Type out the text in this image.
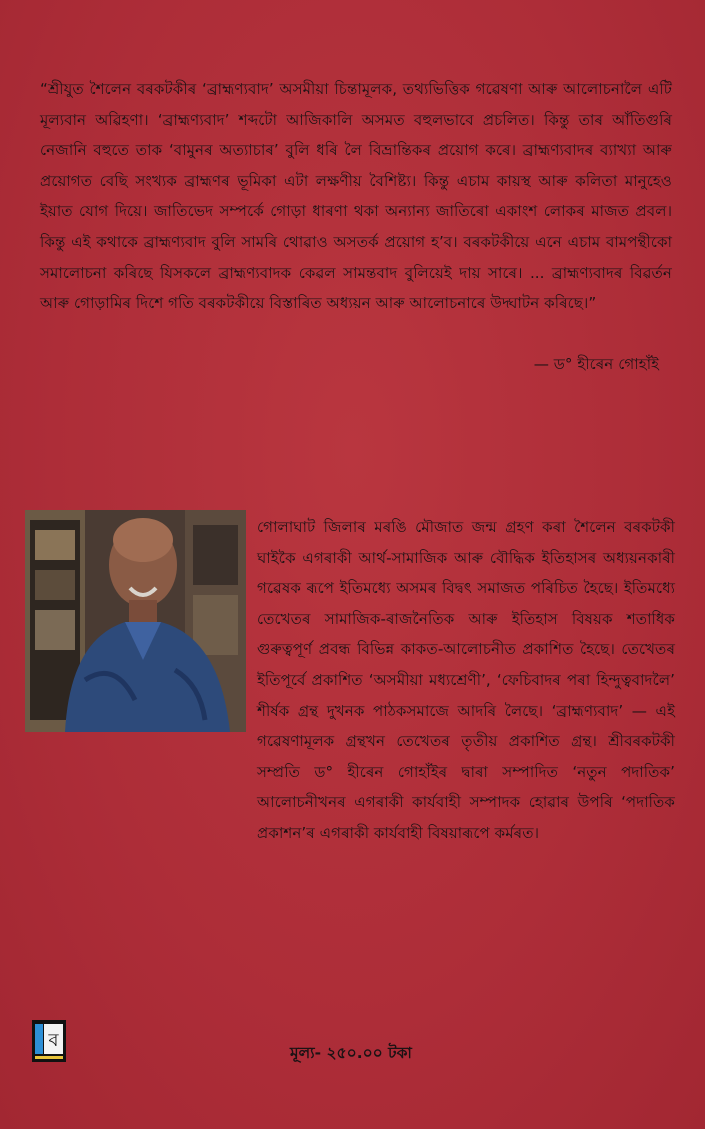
“শ্ৰীযুত শৈলেন বৰকটকীৰ ‘ব্ৰাহ্মণ্যবাদ’ অসমীয়া চিন্তামূলক, তথ্যভিত্তিক গৱেষণা আৰু আলোচনালৈ এটি মূল্যবান অৱিহণা। ‘ব্ৰাহ্মণ্যবাদ’ শব্দটো আজিকালি অসমত বহুলভাবে প্ৰচলিত। কিন্তু তাৰ আঁতিগুৰি নেজানি বহুতে তাক ‘বামুনৰ অত্যাচাৰ’ বুলি ধৰি লৈ বিভ্ৰান্তিকৰ প্ৰয়োগ কৰে। ব্ৰাহ্মণ্যবাদৰ ব্যাখ্যা আৰু প্ৰয়োগত বেছি সংখ্যক ব্ৰাহ্মণৰ ভূমিকা এটা লক্ষণীয় বৈশিষ্ট্য। কিন্তু এচাম কায়স্থ আৰু কলিতা মানুহেও ইয়াত যোগ দিয়ে। জাতিভেদ সম্পৰ্কে গোড়া ধাৰণা থকা অন্যান্য জাতিৰো একাংশ লোকৰ মাজত প্ৰবল। কিন্তু এই কথাকে ব্ৰাহ্মণ্যবাদ বুলি সামৰি থোৱাও অসতৰ্ক প্ৰয়োগ হ’ব। বৰকটকীয়ে এনে এচাম বামপন্থীকো সমালোচনা কৰিছে যিসকলে ব্ৰাহ্মণ্যবাদক কেৱল সামন্তবাদ বুলিয়েই দায় সাৰে। ... ব্ৰাহ্মণ্যবাদৰ বিৱৰ্তন আৰু গোড়ামিৰ দিশে গতি বৰকটকীয়ে বিস্তাৰিত অধ্যয়ন আৰু আলোচনাৰে উদ্ঘাটন কৰিছে।”

— ড° হীৰেন গোহাঁই

গোলাঘাট জিলাৰ মৰঙি মৌজাত জন্ম গ্ৰহণ কৰা শৈলেন বৰকটকী ঘাইকৈ এগৰাকী আৰ্থ-সামাজিক আৰু বৌদ্ধিক ইতিহাসৰ অধ্যয়নকাৰী গৱেষক ৰূপে ইতিমধ্যে অসমৰ বিদ্বৎ সমাজত পৰিচিত হৈছে। ইতিমধ্যে তেখেতৰ সামাজিক-ৰাজনৈতিক আৰু ইতিহাস বিষয়ক শতাধিক গুৰুত্বপূৰ্ণ প্ৰবন্ধ বিভিন্ন কাকত-আলোচনীত প্ৰকাশিত হৈছে। তেখেতৰ ইতিপূৰ্বে প্ৰকাশিত ‘অসমীয়া মধ্যশ্ৰেণী’, ‘ফেচিবাদৰ পৰা হিন্দুত্ববাদলৈ’ শীৰ্ষক গ্ৰন্থ দুখনক পাঠকসমাজে আদৰি লৈছে। ‘ব্ৰাহ্মণ্যবাদ’ — এই গৱেষণামূলক গ্ৰন্থখন তেখেতৰ তৃতীয় প্ৰকাশিত গ্ৰন্থ। শ্ৰীবৰকটকী সম্প্ৰতি ড° হীৰেন গোহাঁইৰ দ্বাৰা সম্পাদিত ‘নতুন পদাতিক’ আলোচনীখনৰ এগৰাকী কাৰ্যবাহী সম্পাদক হোৱাৰ উপৰি ‘পদাতিক প্ৰকাশন’ৰ এগৰাকী কাৰ্যবাহী বিষয়াৰূপে কৰ্মৰত।

ব
মূল্য- ২৫০.০০ টকা
